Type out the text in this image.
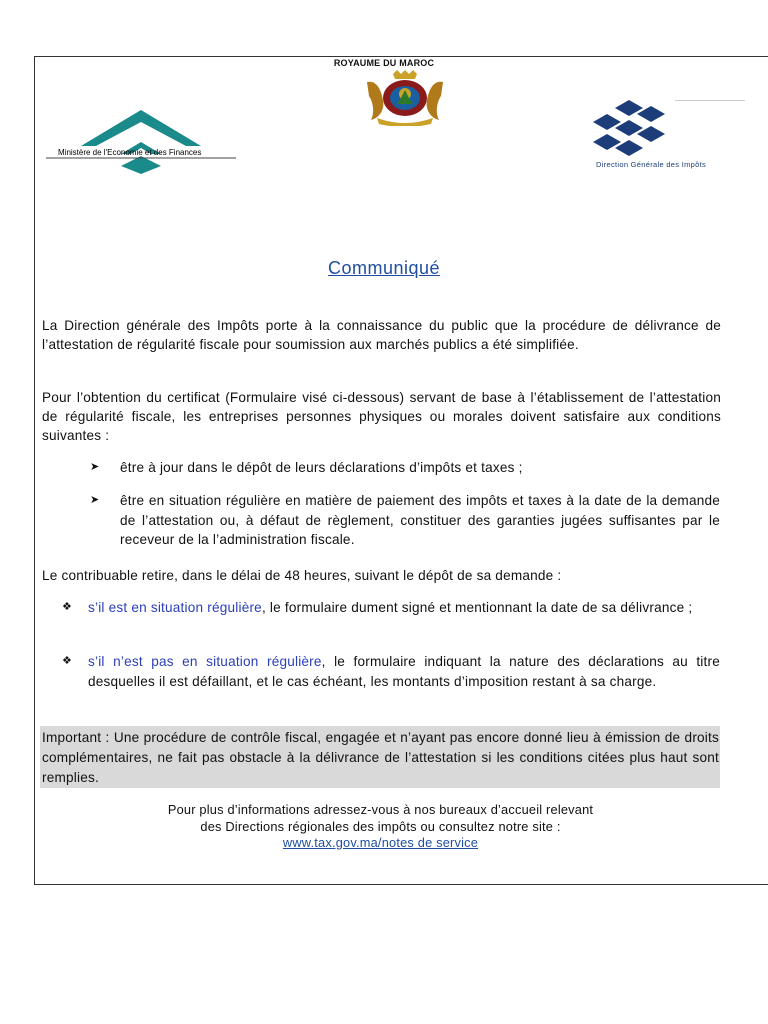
ROYAUME DU MAROC
Ministère de l'Economie et des Finances
Direction Générale des Impôts
Communiqué
La Direction générale des Impôts porte à la connaissance du public que la procédure de délivrance de l’attestation de régularité fiscale pour soumission aux marchés publics a été simplifiée.
Pour l’obtention du certificat (Formulaire visé ci-dessous) servant de base à l’établissement de l’attestation de régularité fiscale, les entreprises personnes physiques ou morales doivent satisfaire aux conditions suivantes :
➤ être à jour dans le dépôt de leurs déclarations d’impôts et taxes ;
➤ être en situation régulière en matière de paiement des impôts et taxes à la date de la demande de l’attestation ou, à défaut de règlement, constituer des garanties jugées suffisantes par le receveur de la l’administration fiscale.
Le contribuable retire, dans le délai de 48 heures, suivant le dépôt de sa demande :
❖ s’il est en situation régulière, le formulaire dument signé et mentionnant la date de sa délivrance ;
❖ s’il n’est pas en situation régulière, le formulaire indiquant la nature des déclarations au titre desquelles il est défaillant, et le cas échéant, les montants d’imposition restant à sa charge.
Important : Une procédure de contrôle fiscal, engagée et n’ayant pas encore donné lieu à émission de droits complémentaires, ne fait pas obstacle à la délivrance de l’attestation si les conditions citées plus haut sont remplies.
Pour plus d’informations adressez-vous à nos bureaux d’accueil relevant
des Directions régionales des impôts ou consultez notre site :
www.tax.gov.ma/notes de service
